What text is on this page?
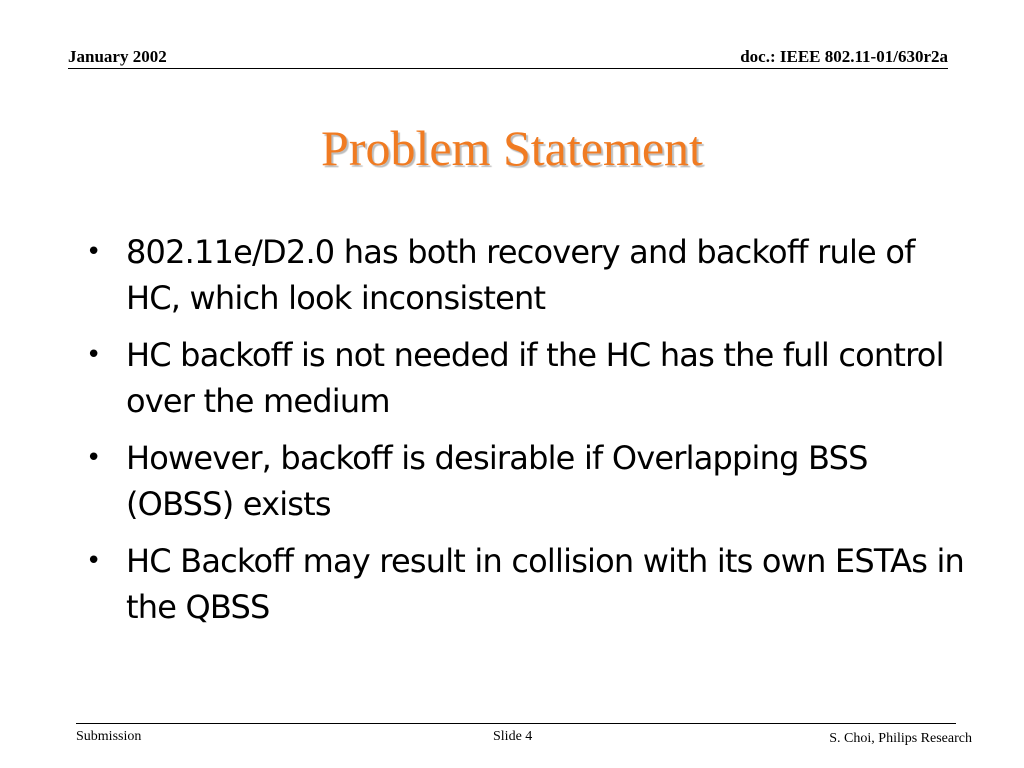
January 2002	doc.: IEEE 802.11-01/630r2a
Problem Statement
• 802.11e/D2.0 has both recovery and backoff rule of HC, which look inconsistent
• HC backoff is not needed if the HC has the full control over the medium
• However, backoff is desirable if Overlapping BSS (OBSS) exists
• HC Backoff may result in collision with its own ESTAs in the QBSS
Submission	Slide 4	S. Choi, Philips Research
